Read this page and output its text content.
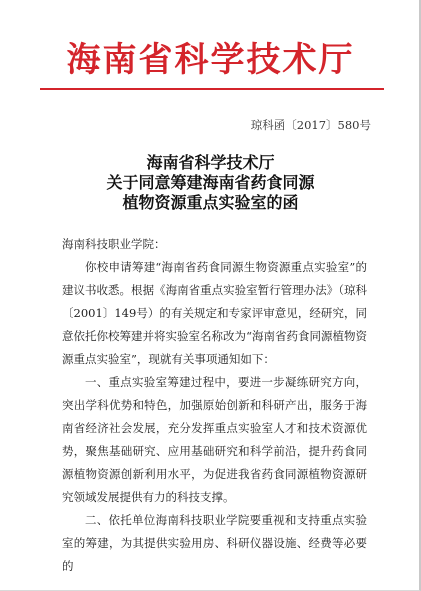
海南省科学技术厅
琼科函〔2017〕580号
海南省科学技术厅
关于同意筹建海南省药食同源
植物资源重点实验室的函

海南科技职业学院：

你校申请筹建“海南省药食同源生物资源重点实验室”的建议书收悉。根据《海南省重点实验室暂行管理办法》（琼科〔2001〕149号）的有关规定和专家评审意见，经研究，同意依托你校筹建并将实验室名称改为“海南省药食同源植物资源重点实验室”，现就有关事项通知如下：

一、重点实验室筹建过程中，要进一步凝练研究方向，突出学科优势和特色，加强原始创新和科研产出，服务于海南省经济社会发展，充分发挥重点实验室人才和技术资源优势，聚焦基础研究、应用基础研究和科学前沿，提升药食同源植物资源创新利用水平，为促进我省药食同源植物资源研究领域发展提供有力的科技支撑。

二、依托单位海南科技职业学院要重视和支持重点实验室的筹建，为其提供实验用房、科研仪器设施、经费等必要的
